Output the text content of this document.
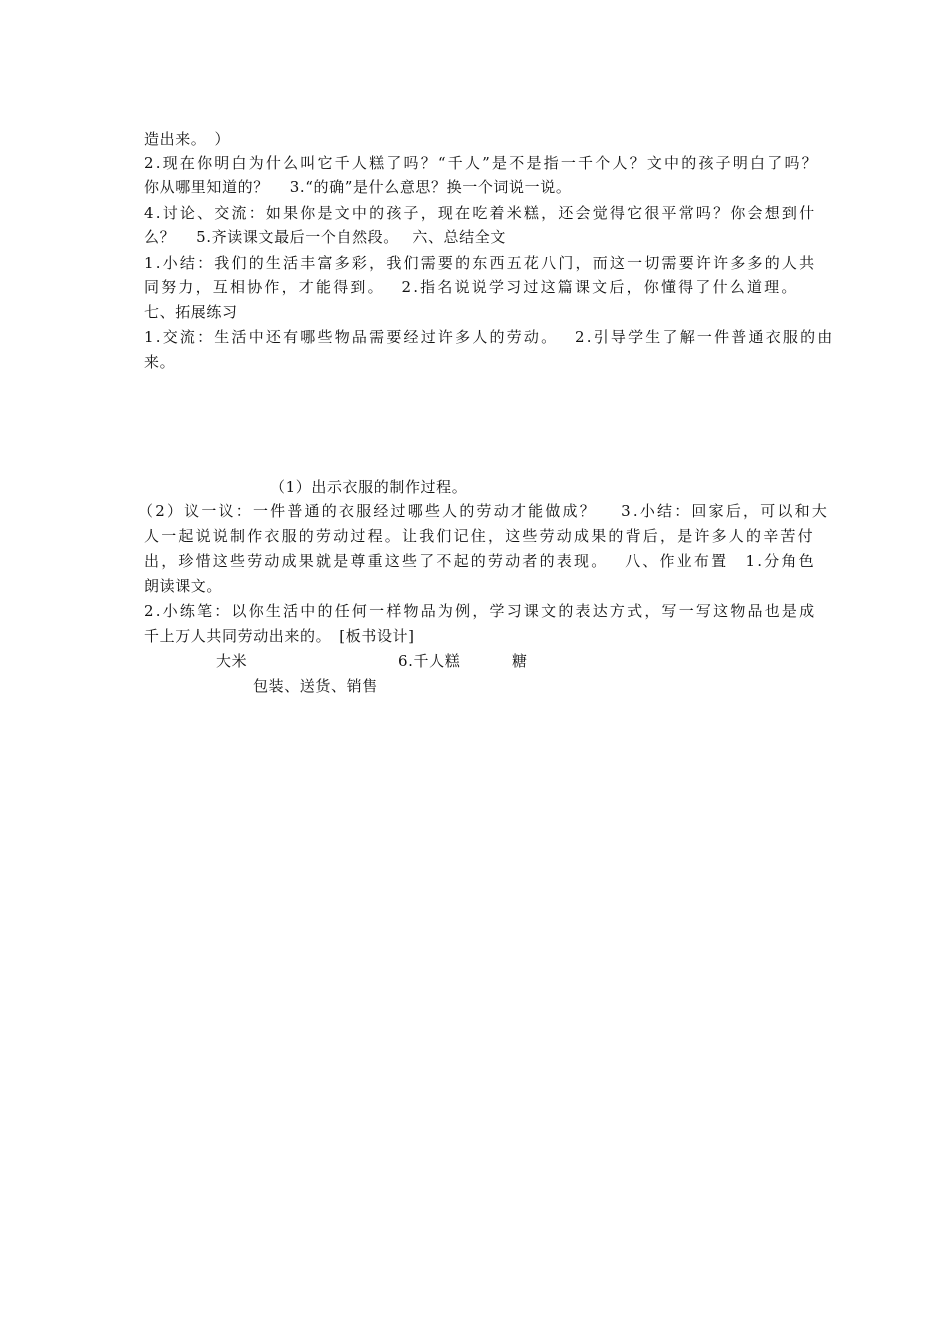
造出来。　）
2.现在你明白为什么叫它千人糕了吗？“千人”是不是指一千个人？文中的孩子明白了吗？
你从哪里知道的？　 3.“的确”是什么意思？换一个词说一说。
4.讨论、交流：如果你是文中的孩子，现在吃着米糕，还会觉得它很平常吗？你会想到什
么？　 5.齐读课文最后一个自然段。　 六、总结全文
1.小结：我们的生活丰富多彩，我们需要的东西五花八门，而这一切需要许许多多的人共
同努力，互相协作，才能得到。　 2.指名说说学习过这篇课文后，你懂得了什么道理。
七、拓展练习
1.交流：生活中还有哪些物品需要经过许多人的劳动。　 2.引导学生了解一件普通衣服的由
来。
（1）出示衣服的制作过程。
（2）议一议：一件普通的衣服经过哪些人的劳动才能做成？　 3.小结：回家后，可以和大
人一起说说制作衣服的劳动过程。让我们记住，这些劳动成果的背后，是许多人的辛苦付
出，珍惜这些劳动成果就是尊重这些了不起的劳动者的表现。　 八、作业布置　1.分角色
朗读课文。
2.小练笔：以你生活中的任何一样物品为例，学习课文的表达方式，写一写这物品也是成
千上万人共同劳动出来的。　[板书设计]
大米	6.千人糕	糖
包装、送货、销售
